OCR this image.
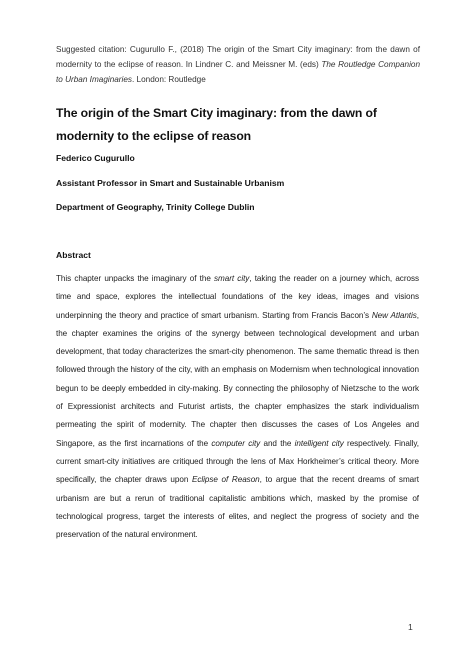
Suggested citation: Cugurullo F., (2018) The origin of the Smart City imaginary: from the dawn of modernity to the eclipse of reason. In Lindner C. and Meissner M. (eds) The Routledge Companion to Urban Imaginaries. London: Routledge
The origin of the Smart City imaginary: from the dawn of modernity to the eclipse of reason
Federico Cugurullo
Assistant Professor in Smart and Sustainable Urbanism
Department of Geography, Trinity College Dublin
Abstract
This chapter unpacks the imaginary of the smart city, taking the reader on a journey which, across time and space, explores the intellectual foundations of the key ideas, images and visions underpinning the theory and practice of smart urbanism. Starting from Francis Bacon’s New Atlantis, the chapter examines the origins of the synergy between technological development and urban development, that today characterizes the smart-city phenomenon. The same thematic thread is then followed through the history of the city, with an emphasis on Modernism when technological innovation begun to be deeply embedded in city-making. By connecting the philosophy of Nietzsche to the work of Expressionist architects and Futurist artists, the chapter emphasizes the stark individualism permeating the spirit of modernity. The chapter then discusses the cases of Los Angeles and Singapore, as the first incarnations of the computer city and the intelligent city respectively. Finally, current smart-city initiatives are critiqued through the lens of Max Horkheimer’s critical theory. More specifically, the chapter draws upon Eclipse of Reason, to argue that the recent dreams of smart urbanism are but a rerun of traditional capitalistic ambitions which, masked by the promise of technological progress, target the interests of elites, and neglect the progress of society and the preservation of the natural environment.
1
